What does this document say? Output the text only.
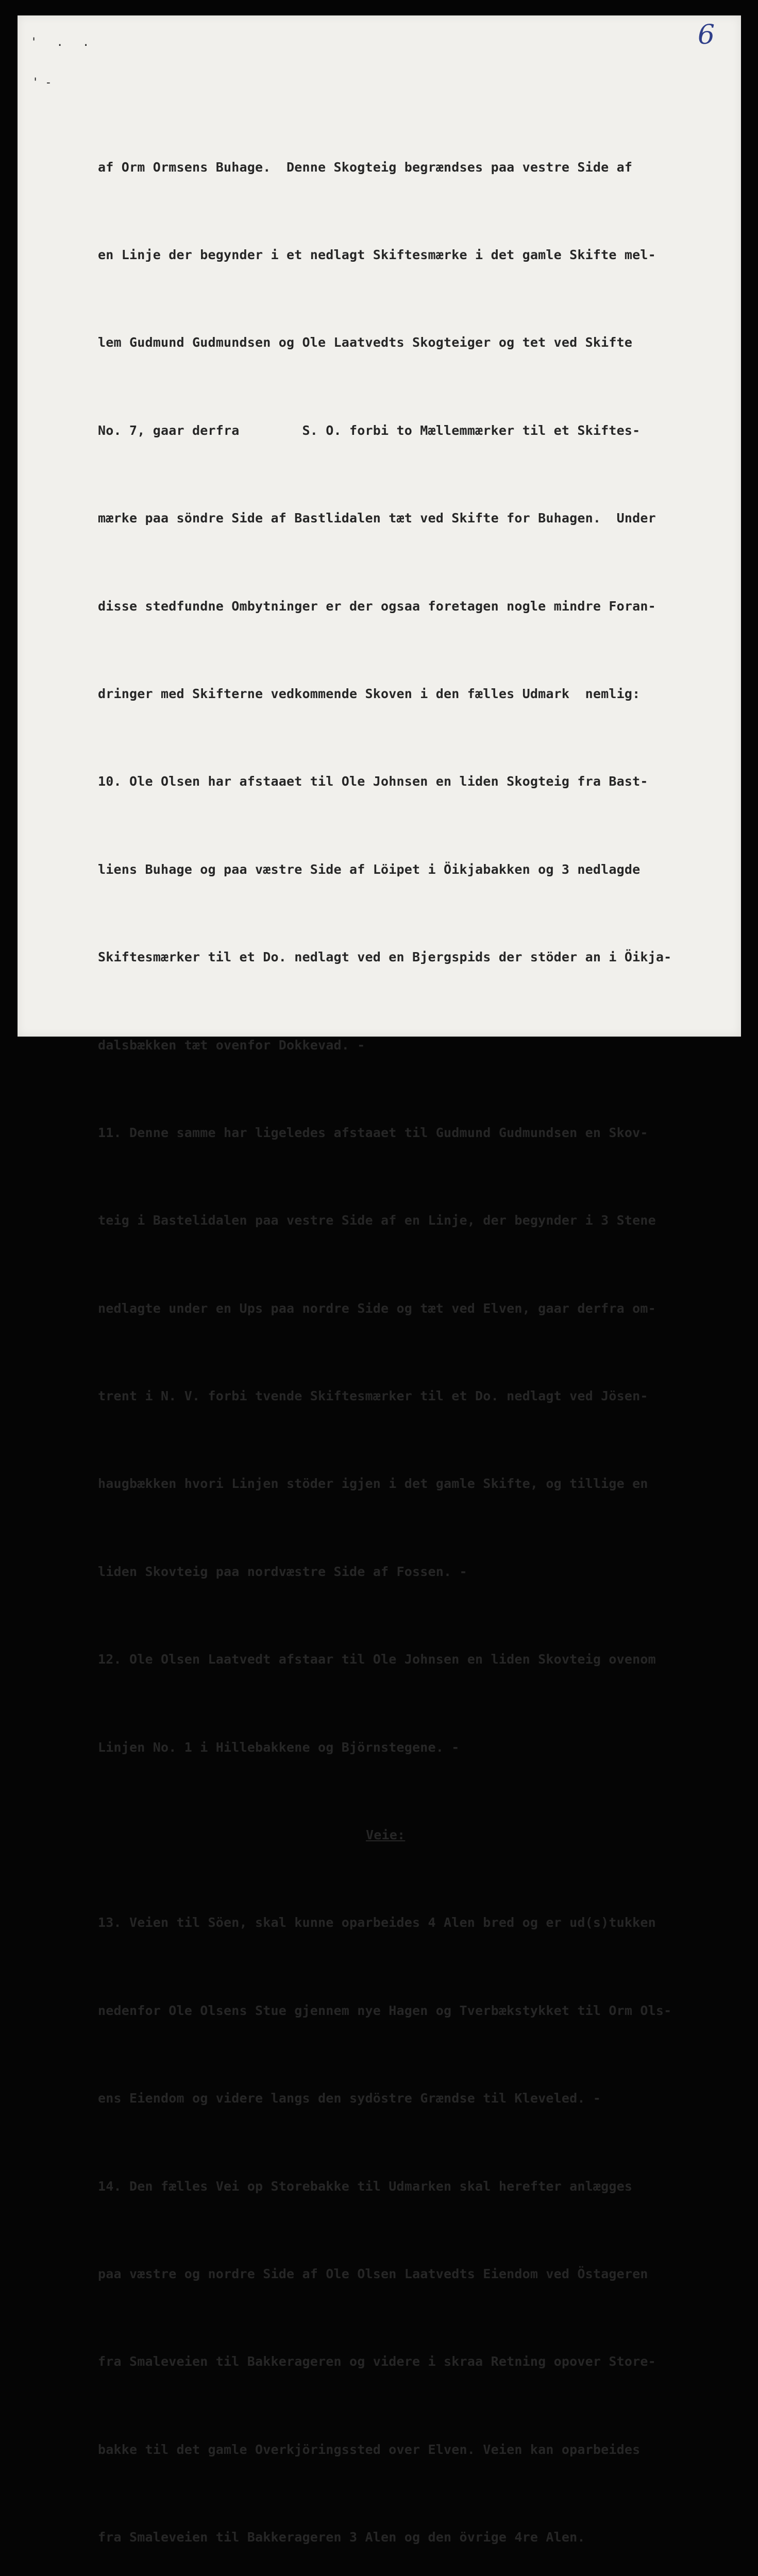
6
' . .
'-

af Orm Ormsens Buhage.  Denne Skogteig begrændses paa vestre Side af

en Linje der begynder i et nedlagt Skiftesmærke i det gamle Skifte mel-

lem Gudmund Gudmundsen og Ole Laatvedts Skogteiger og tet ved Skifte

No. 7, gaar derfra        S. O. forbi to Mællemmærker til et Skiftes-

mærke paa söndre Side af Bastlidalen tæt ved Skifte for Buhagen.  Under

disse stedfundne Ombytninger er der ogsaa foretagen nogle mindre Foran-

dringer med Skifterne vedkommende Skoven i den fælles Udmark  nemlig:

10. Ole Olsen har afstaaet til Ole Johnsen en liden Skogteig fra Bast-

liens Buhage og paa væstre Side af Löipet i Öikjabakken og 3 nedlagde

Skiftesmærker til et Do. nedlagt ved en Bjergspids der stöder an i Öikja-

dalsbækken tæt ovenfor Dokkevad. -

11. Denne samme har ligeledes afstaaet til Gudmund Gudmundsen en Skov-

teig i Bastelidalen paa vestre Side af en Linje, der begynder i 3 Stene

nedlagte under en Ups paa nordre Side og tæt ved Elven, gaar derfra om-

trent i N. V. forbi tvende Skiftesmærker til et Do. nedlagt ved Jösen-

haugbækken hvori Linjen stöder igjen i det gamle Skifte, og tillige en

liden Skovteig paa nordvæstre Side af Fossen. -

12. Ole Olsen Laatvedt afstaar til Ole Johnsen en liden Skovteig ovenom

Linjen No. 1 i Hillebakkene og Björnstegene. -

Veie:

13. Veien til Söen, skal kunne oparbeides 4 Alen bred og er ud(s)tukken

nedenfor Ole Olsens Stue gjennem nye Hagen og Tverbækstykket til Orm Ols-

ens Eiendom og videre langs den sydöstre Grændse til Kleveled. -

14. Den fælles Vei op Storebakke til Udmarken skal herefter anlægges

paa væstre og nordre Side af Ole Olsen Laatvedts Eiendom ved Östageren

fra Smaleveien til Bakkerageren og videre i skraa Retning opover Store-

bakke til det gamle Overkjöringssted over Elven. Veien kan oparbeides

fra Smaleveien til Bakkerageren 3 Alen og den övrige 4re Alen.
